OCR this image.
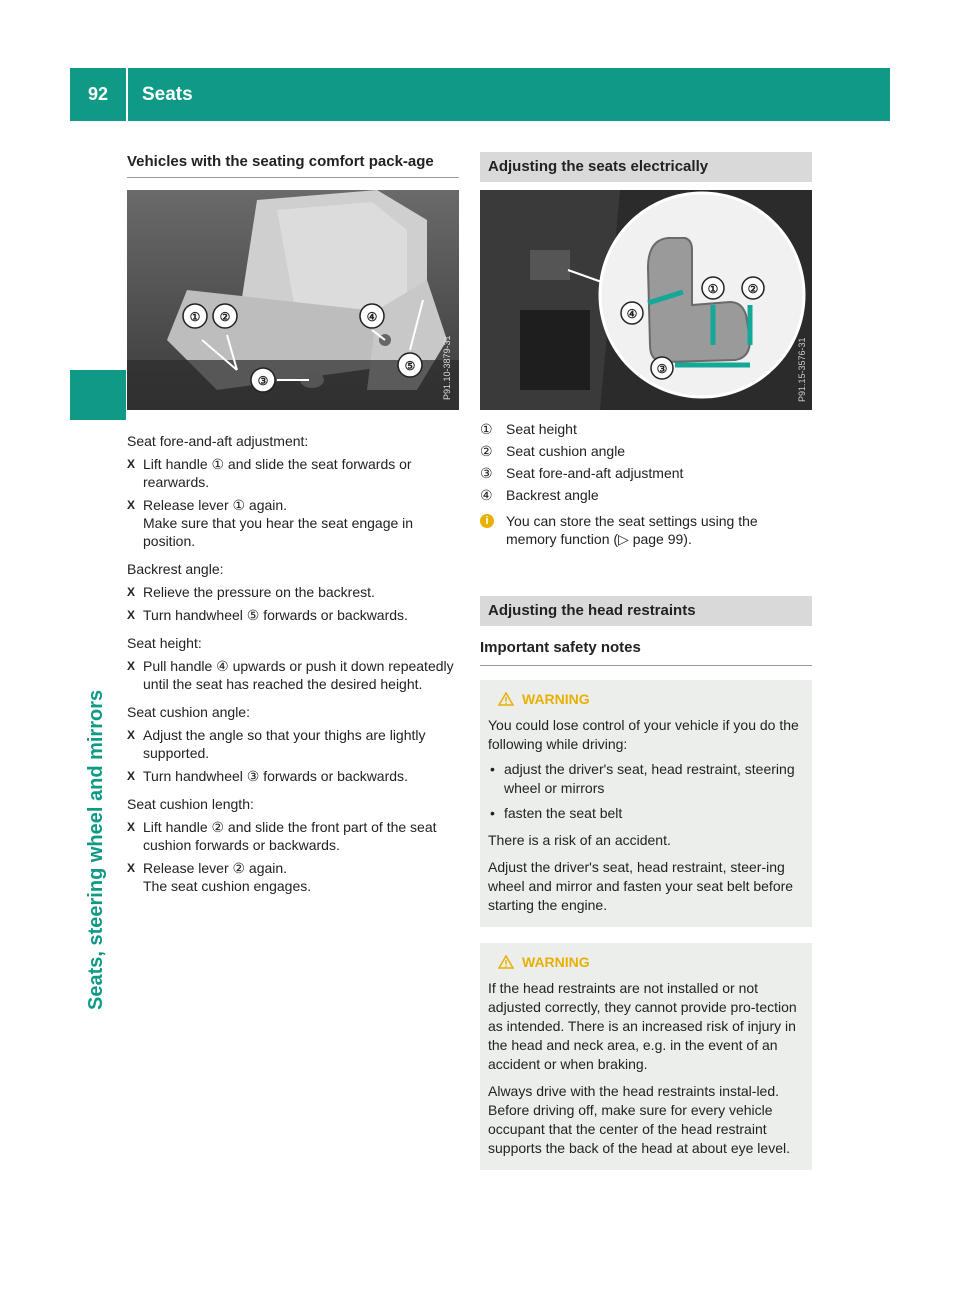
92	Seats
Seats, steering wheel and mirrors
Vehicles with the seating comfort pack-age
① ②
③
④
⑤	P91.10-3879-31
Seat fore-and-aft adjustment:
X Lift handle ① and slide the seat forwards or rearwards.
X Release lever ① again.
Make sure that you hear the seat engage in position.
Backrest angle:
X Relieve the pressure on the backrest.
X Turn handwheel ⑤ forwards or backwards.
Seat height:
X Pull handle ④ upwards or push it down repeatedly until the seat has reached the desired height.
Seat cushion angle:
X Adjust the angle so that your thighs are lightly supported.
X Turn handwheel ③ forwards or backwards.
Seat cushion length:
X Lift handle ② and slide the front part of the seat cushion forwards or backwards.
X Release lever ② again.
The seat cushion engages.
Adjusting the seats electrically
① ②
③
④
P91.15-3576-31
① Seat height
② Seat cushion angle
③ Seat fore-and-aft adjustment
④ Backrest angle
i	You can store the seat settings using the memory function (▷ page 99).
Adjusting the head restraints
Important safety notes
WARNING
You could lose control of your vehicle if you do the following while driving:
• adjust the driver's seat, head restraint, steering wheel or mirrors
• fasten the seat belt
There is a risk of an accident.
Adjust the driver's seat, head restraint, steer-ing wheel and mirror and fasten your seat belt before starting the engine.
WARNING
If the head restraints are not installed or not adjusted correctly, they cannot provide pro-tection as intended. There is an increased risk of injury in the head and neck area, e.g. in the event of an accident or when braking.
Always drive with the head restraints instal-led. Before driving off, make sure for every vehicle occupant that the center of the head restraint supports the back of the head at about eye level.
